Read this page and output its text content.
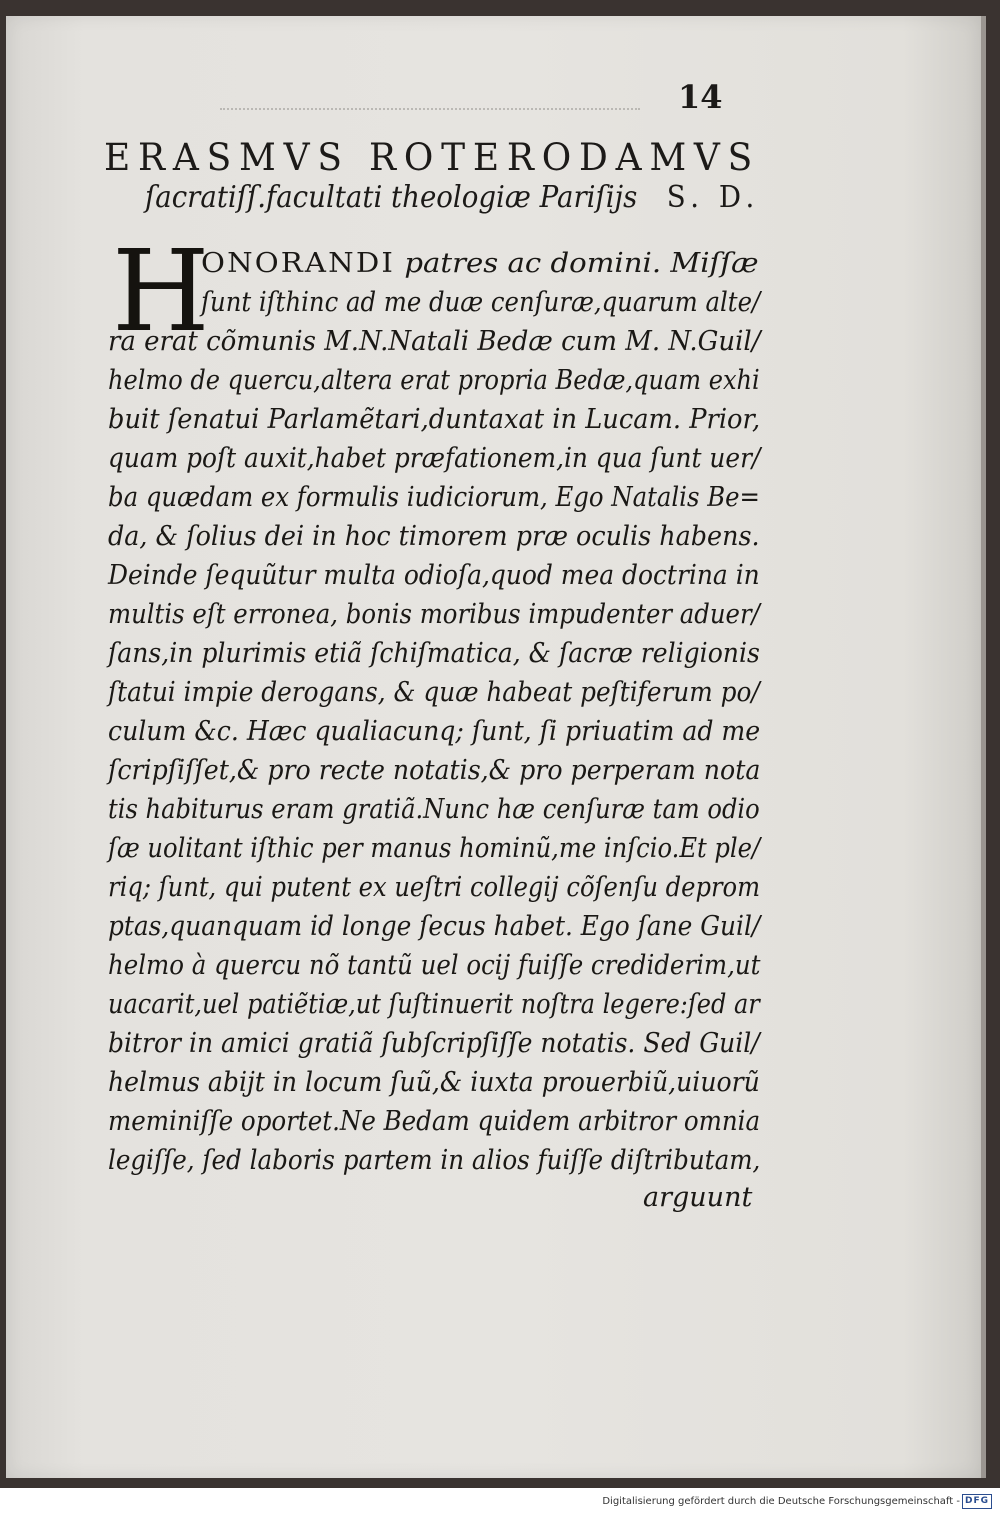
14
ERASMVS ROTERODAMVS
ſacratiſſ.facultati theologiæ Pariſijs S. D.
H
ONORANDI patres ac domini. Miſſæ
ſunt iſthinc ad me duæ cenſuræ,quarum alte/
ra erat cõmunis M.N.Natali Bedæ cum M. N.Guil/
helmo de quercu,altera erat propria Bedæ,quam exhi
buit ſenatui Parlamẽtari,duntaxat in Lucam. Prior,
quam poſt auxit,habet præfationem,in qua ſunt uer/
ba quædam ex formulis iudiciorum, Ego Natalis Be=
da, & ſolius dei in hoc timorem præ oculis habens.
Deinde ſequũtur multa odioſa,quod mea doctrina in
multis eſt erronea, bonis moribus impudenter aduer/
ſans,in plurimis etiã ſchiſmatica, & ſacræ religionis
ſtatui impie derogans, & quæ habeat peſtiferum po/
culum &c. Hæc qualiacunq; ſunt, ſi priuatim ad me
ſcripſiſſet,& pro recte notatis,& pro perperam nota
tis habiturus eram gratiã.Nunc hæ cenſuræ tam odio
ſæ uolitant iſthic per manus hominũ,me inſcio.Et ple/
riq; ſunt, qui putent ex ueſtri collegij cõſenſu deprom
ptas,quanquam id longe ſecus habet. Ego ſane Guil/
helmo à quercu nõ tantũ uel ocij fuiſſe crediderim,ut
uacarit,uel patiẽtiæ,ut ſuſtinuerit noſtra legere:ſed ar
bitror in amici gratiã ſubſcripſiſſe notatis. Sed Guil/
helmus abijt in locum ſuũ,& iuxta prouerbiũ,uiuorũ
meminiſſe oportet.Ne Bedam quidem arbitror omnia
legiſſe, ſed laboris partem in alios fuiſſe diſtributam,
arguunt
Digitalisierung gefördert durch die Deutsche Forschungsgemeinschaft - DFG
